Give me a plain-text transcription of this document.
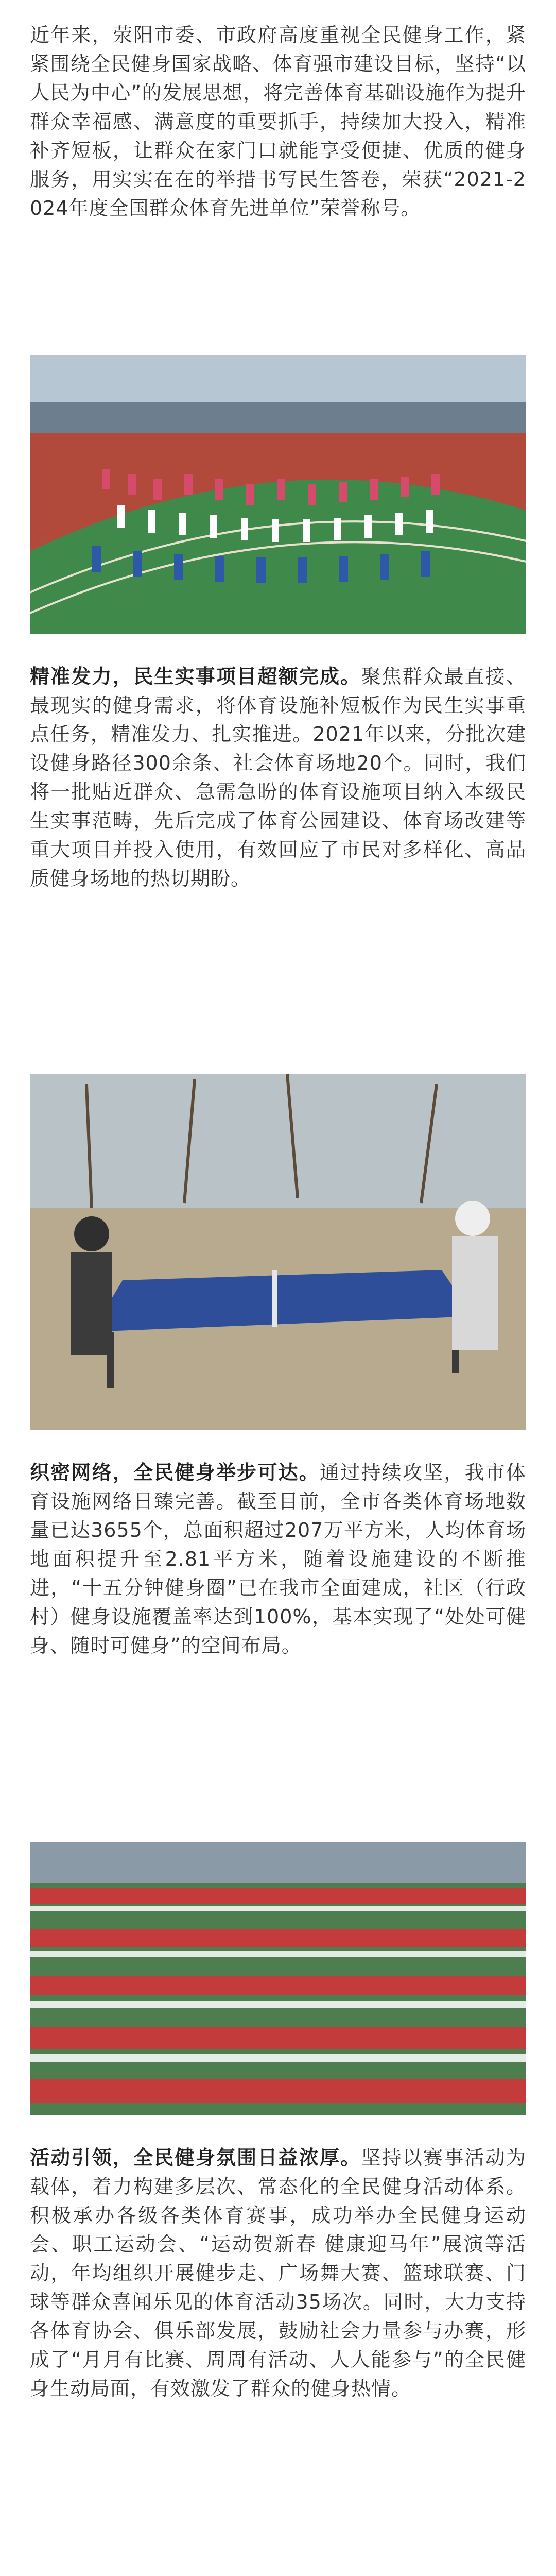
近年来，荥阳市委、市政府高度重视全民健身工作，紧紧围绕全民健身国家战略、体育强市建设目标，坚持“以人民为中心”的发展思想，将完善体育基础设施作为提升群众幸福感、满意度的重要抓手，持续加大投入，精准补齐短板，让群众在家门口就能享受便捷、优质的健身服务，用实实在在的举措书写民生答卷，荣获“2021-2024年度全国群众体育先进单位”荣誉称号。

精准发力，民生实事项目超额完成。聚焦群众最直接、最现实的健身需求，将体育设施补短板作为民生实事重点任务，精准发力、扎实推进。2021年以来，分批次建设健身路径300余条、社会体育场地20个。同时，我们将一批贴近群众、急需急盼的体育设施项目纳入本级民生实事范畴，先后完成了体育公园建设、体育场改建等重大项目并投入使用，有效回应了市民对多样化、高品质健身场地的热切期盼。

织密网络，全民健身举步可达。通过持续攻坚，我市体育设施网络日臻完善。截至目前，全市各类体育场地数量已达3655个，总面积超过207万平方米，人均体育场地面积提升至2.81平方米，随着设施建设的不断推进，“十五分钟健身圈”已在我市全面建成，社区（行政村）健身设施覆盖率达到100%，基本实现了“处处可健身、随时可健身”的空间布局。

活动引领，全民健身氛围日益浓厚。坚持以赛事活动为载体，着力构建多层次、常态化的全民健身活动体系。积极承办各级各类体育赛事，成功举办全民健身运动会、职工运动会、“运动贺新春 健康迎马年”展演等活动，年均组织开展健步走、广场舞大赛、篮球联赛、门球等群众喜闻乐见的体育活动35场次。同时，大力支持各体育协会、俱乐部发展，鼓励社会力量参与办赛，形成了“月月有比赛、周周有活动、人人能参与”的全民健身生动局面，有效激发了群众的健身热情。
